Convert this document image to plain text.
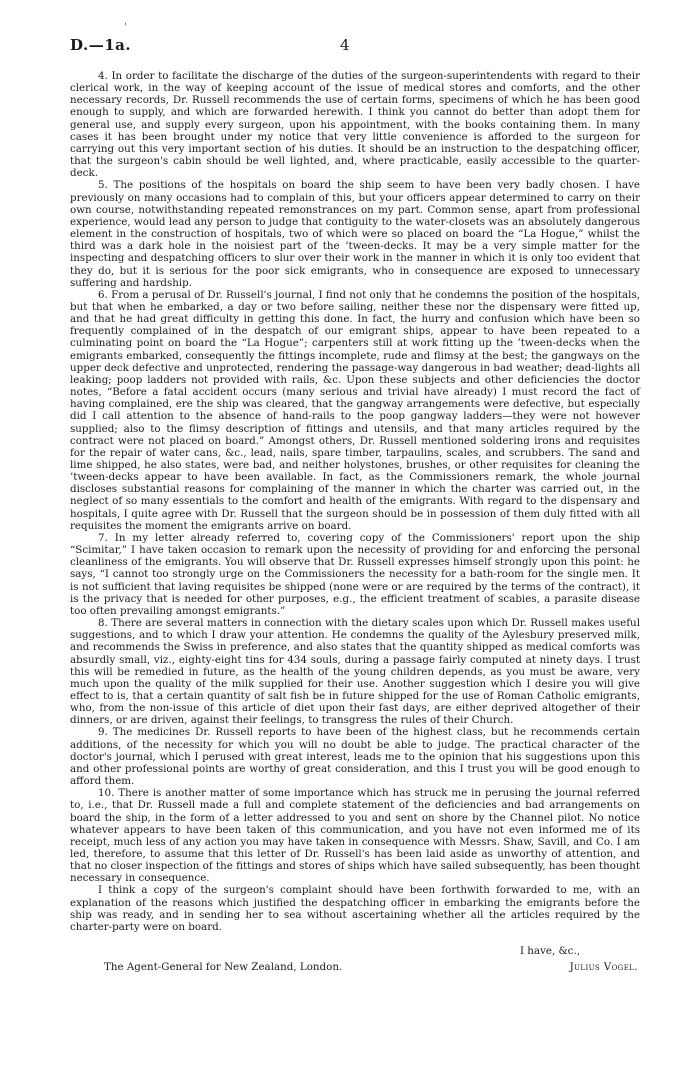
D.—1a.
'
4

4. In order to facilitate the discharge of the duties of the surgeon-superintendents with regard to their clerical work, in the way of keeping account of the issue of medical stores and comforts, and the other necessary records, Dr. Russell recommends the use of certain forms, specimens of which he has been good enough to supply, and which are forwarded herewith. I think you cannot do better than adopt them for general use, and supply every surgeon, upon his appointment, with the books containing them. In many cases it has been brought under my notice that very little convenience is afforded to the surgeon for carrying out this very important section of his duties. It should be an instruction to the despatching officer, that the surgeon's cabin should be well lighted, and, where practicable, easily accessible to the quarter-deck.

5. The positions of the hospitals on board the ship seem to have been very badly chosen. I have previously on many occasions had to complain of this, but your officers appear determined to carry on their own course, notwithstanding repeated remonstrances on my part. Common sense, apart from professional experience, would lead any person to judge that contiguity to the water-closets was an absolutely dangerous element in the construction of hospitals, two of which were so placed on board the “La Hogue,” whilst the third was a dark hole in the noisiest part of the ’tween-decks. It may be a very simple matter for the inspecting and despatching officers to slur over their work in the manner in which it is only too evident that they do, but it is serious for the poor sick emigrants, who in consequence are exposed to unnecessary suffering and hardship.

6. From a perusal of Dr. Russell's journal, I find not only that he condemns the position of the hospitals, but that when he embarked, a day or two before sailing, neither these nor the dispensary were fitted up, and that he had great difficulty in getting this done. In fact, the hurry and confusion which have been so frequently complained of in the despatch of our emigrant ships, appear to have been repeated to a culminating point on board the “La Hogue”; carpenters still at work fitting up the ’tween-decks when the emigrants embarked, consequently the fittings incomplete, rude and flimsy at the best; the gangways on the upper deck defective and unprotected, rendering the passage-way dangerous in bad weather; dead-lights all leaking; poop ladders not provided with rails, &c. Upon these subjects and other deficiencies the doctor notes, “Before a fatal accident occurs (many serious and trivial have already) I must record the fact of having complained, ere the ship was cleared, that the gangway arrangements were defective, but especially did I call attention to the absence of hand-rails to the poop gangway ladders—they were not however supplied; also to the flimsy description of fittings and utensils, and that many articles required by the contract were not placed on board.” Amongst others, Dr. Russell mentioned soldering irons and requisites for the repair of water cans, &c., lead, nails, spare timber, tarpaulins, scales, and scrubbers. The sand and lime shipped, he also states, were bad, and neither holystones, brushes, or other requisites for cleaning the ’tween-decks appear to have been available. In fact, as the Commissioners remark, the whole journal discloses substantial reasons for complaining of the manner in which the charter was carried out, in the neglect of so many essentials to the comfort and health of the emigrants. With regard to the dispensary and hospitals, I quite agree with Dr. Russell that the surgeon should be in possession of them duly fitted with all requisites the moment the emigrants arrive on board.

7. In my letter already referred to, covering copy of the Commissioners' report upon the ship “Scimitar,” I have taken occasion to remark upon the necessity of providing for and enforcing the personal cleanliness of the emigrants. You will observe that Dr. Russell expresses himself strongly upon this point: he says, “I cannot too strongly urge on the Commissioners the necessity for a bath-room for the single men. It is not sufficient that laving requisites be shipped (none were or are required by the terms of the contract), it is the privacy that is needed for other purposes, e.g., the efficient treatment of scabies, a parasite disease too often prevailing amongst emigrants.”

8. There are several matters in connection with the dietary scales upon which Dr. Russell makes useful suggestions, and to which I draw your attention. He condemns the quality of the Aylesbury preserved milk, and recommends the Swiss in preference, and also states that the quantity shipped as medical comforts was absurdly small, viz., eighty-eight tins for 434 souls, during a passage fairly computed at ninety days. I trust this will be remedied in future, as the health of the young children depends, as you must be aware, very much upon the quality of the milk supplied for their use. Another suggestion which I desire you will give effect to is, that a certain quantity of salt fish be in future shipped for the use of Roman Catholic emigrants, who, from the non-issue of this article of diet upon their fast days, are either deprived altogether of their dinners, or are driven, against their feelings, to transgress the rules of their Church.

9. The medicines Dr. Russell reports to have been of the highest class, but he recommends certain additions, of the necessity for which you will no doubt be able to judge. The practical character of the doctor's journal, which I perused with great interest, leads me to the opinion that his suggestions upon this and other professional points are worthy of great consideration, and this I trust you will be good enough to afford them.

10. There is another matter of some importance which has struck me in perusing the journal referred to, i.e., that Dr. Russell made a full and complete statement of the deficiencies and bad arrangements on board the ship, in the form of a letter addressed to you and sent on shore by the Channel pilot. No notice whatever appears to have been taken of this communication, and you have not even informed me of its receipt, much less of any action you may have taken in consequence with Messrs. Shaw, Savill, and Co. I am led, therefore, to assume that this letter of Dr. Russell's has been laid aside as unworthy of attention, and that no closer inspection of the fittings and stores of ships which have sailed subsequently, has been thought necessary in consequence.

I think a copy of the surgeon's complaint should have been forthwith forwarded to me, with an explanation of the reasons which justified the despatching officer in embarking the emigrants before the ship was ready, and in sending her to sea without ascertaining whether all the articles required by the charter-party were on board.

I have, &c.,
The Agent-General for New Zealand, London.	Julius Vogel.
